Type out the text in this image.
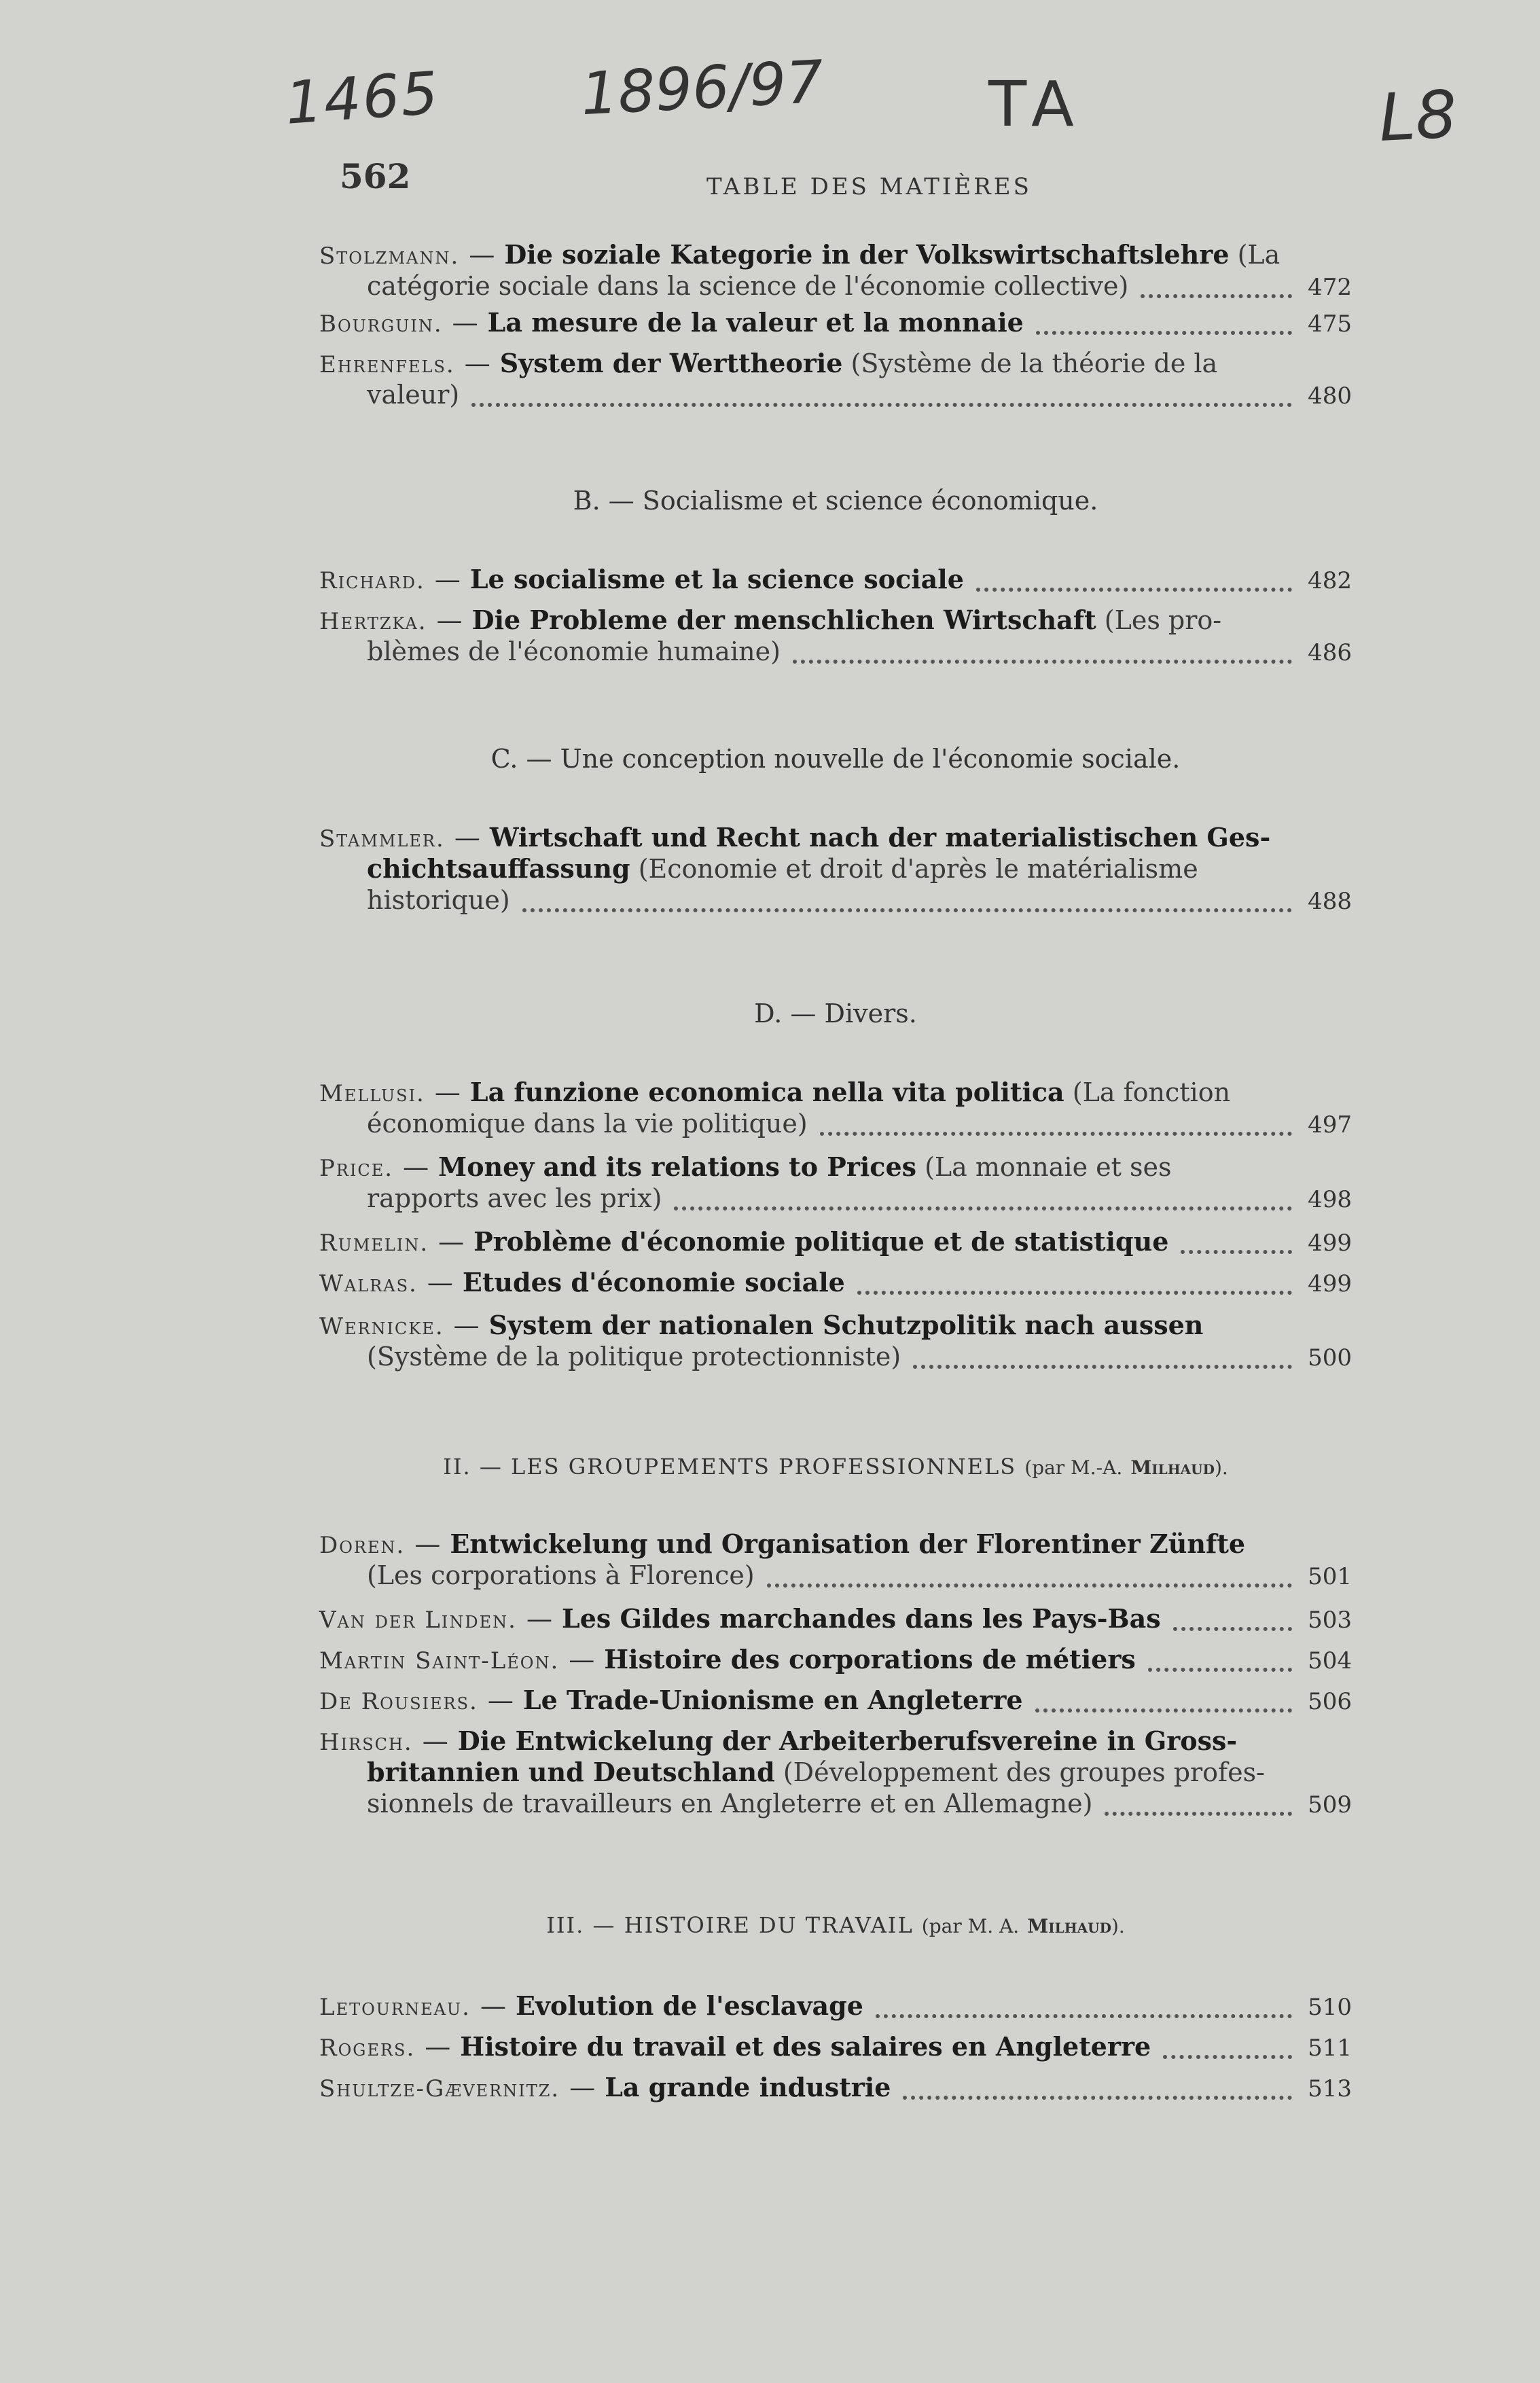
1465 1896/97	TA	L8
562	TABLE DES MATIÈRES
Stolzmann. — Die soziale Kategorie in der Volkswirtschaftslehre
(La
catégorie sociale dans la science de l'économie collective)	472
Bourguin. — La mesure de la valeur et la monnaie	475
Ehrenfels. — System der Werttheorie
(Système de la théorie de la
valeur)	480
B. — Socialisme et science économique.
Richard. — Le socialisme et la science sociale	482
Hertzka. — Die Probleme der menschlichen Wirtschaft
(Les pro-
blèmes de l'économie humaine)	486
C. — Une conception nouvelle de l'économie sociale.
Stammler. — Wirtschaft und Recht nach der materialistischen Ges-
chichtsauffassung
(Economie et droit d'après le matérialisme
historique)	488
D. — Divers.
Mellusi. — La funzione economica nella vita politica
(La fonction
économique dans la vie politique)	497
Price. — Money and its relations to Prices
(La monnaie et ses
rapports avec les prix)	498
Rumelin. — Problème d'économie politique et de statistique	499
Walras. — Etudes d'économie sociale	499
Wernicke. — System der nationalen Schutzpolitik nach aussen
(Système de la politique protectionniste)	500
II. — LES GROUPEMENTS PROFESSIONNELS (par M.-A. Milhaud).
Doren. — Entwickelung und Organisation der Florentiner Zünfte
(Les corporations à Florence)	501
Van der Linden. — Les Gildes marchandes dans les Pays-Bas	503
Martin Saint-Léon. — Histoire des corporations de métiers	504
De Rousiers. — Le Trade-Unionisme en Angleterre	506
Hirsch. — Die Entwickelung der Arbeiterberufsvereine in Gross-
britannien und Deutschland
(Développement des groupes profes-
sionnels de travailleurs en Angleterre et en Allemagne)	509
III. — HISTOIRE DU TRAVAIL (par M. A. Milhaud).
Letourneau. — Evolution de l'esclavage	510
Rogers. — Histoire du travail et des salaires en Angleterre	511
Shultze-Gævernitz. — La grande industrie	513
